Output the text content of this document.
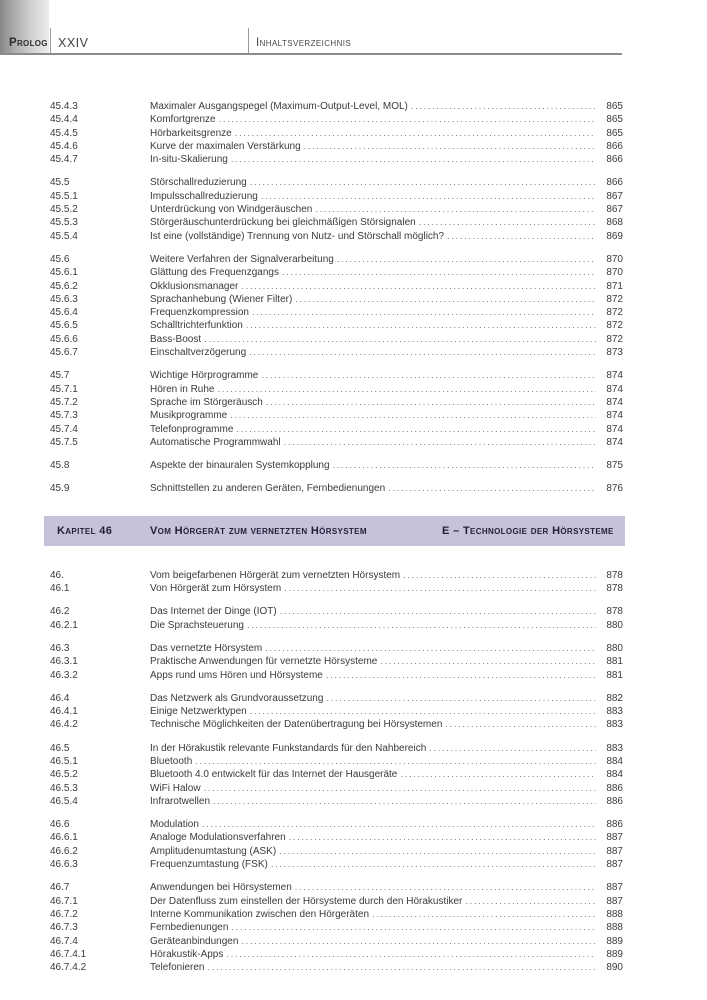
Prolog XXIV	Inhaltsverzeichnis
45.4.3	Maximaler Ausgangspegel (Maximum-Output-Level, MOL) .....	865
45.4.4	Komfortgrenze .....	865
45.4.5	Hörbarkeitsgrenze .....	865
45.4.6	Kurve der maximalen Verstärkung .....	866
45.4.7	In-situ-Skalierung .....	866
45.5	Störschallreduzierung .....	866
45.5.1	Impulsschallreduzierung .....	867
45.5.2	Unterdrückung von Windgeräuschen .....	867
45.5.3	Störgeräuschunterdrückung bei gleichmäßigen Störsignalen .....	868
45.5.4	Ist eine (vollständige) Trennung von Nutz- und Störschall möglich? .....	869
45.6	Weitere Verfahren der Signalverarbeitung .....	870
45.6.1	Glättung des Frequenzgangs .....	870
45.6.2	Okklusionsmanager .....	871
45.6.3	Sprachanhebung (Wiener Filter) .....	872
45.6.4	Frequenzkompression .....	872
45.6.5	Schalltrichterfunktion .....	872
45.6.6	Bass-Boost .....	872
45.6.7	Einschaltverzögerung .....	873
45.7	Wichtige Hörprogramme .....	874
45.7.1	Hören in Ruhe .....	874
45.7.2	Sprache im Störgeräusch .....	874
45.7.3	Musikprogramme .....	874
45.7.4	Telefonprogramme .....	874
45.7.5	Automatische Programmwahl .....	874
45.8	Aspekte der binauralen Systemkopplung .....	875
45.9	Schnittstellen zu anderen Geräten, Fernbedienungen .....	876
Kapitel 46	Vom Hörgerät zum vernetzten Hörsystem	E – Technologie der Hörsysteme
46.	Vom beigefarbenen Hörgerät zum vernetzten Hörsystem .....	878
46.1	Von Hörgerät zum Hörsystem .....	878
46.2	Das Internet der Dinge (IOT) .....	878
46.2.1	Die Sprachsteuerung .....	880
46.3	Das vernetzte Hörsystem .....	880
46.3.1	Praktische Anwendungen für vernetzte Hörsysteme .....	881
46.3.2	Apps rund ums Hören und Hörsysteme .....	881
46.4	Das Netzwerk als Grundvoraussetzung .....	882
46.4.1	Einige Netzwerktypen .....	883
46.4.2	Technische Möglichkeiten der Datenübertragung bei Hörsystemen .....	883
46.5	In der Hörakustik relevante Funkstandards für den Nahbereich .....	883
46.5.1	Bluetooth .....	884
46.5.2	Bluetooth 4.0 entwickelt für das Internet der Hausgeräte .....	884
46.5.3	WiFi Halow .....	886
46.5.4	Infrarotwellen .....	886
46.6	Modulation .....	886
46.6.1	Analoge Modulationsverfahren .....	887
46.6.2	Amplitudenumtastung (ASK) .....	887
46.6.3	Frequenzumtastung (FSK) .....	887
46.7	Anwendungen bei Hörsystemen .....	887
46.7.1	Der Datenfluss zum einstellen der Hörsysteme durch den Hörakustiker .....	887
46.7.2	Interne Kommunikation zwischen den Hörgeräten .....	888
46.7.3	Fernbedienungen .....	888
46.7.4	Geräteanbindungen .....	889
46.7.4.1	Hörakustik-Apps .....	889
46.7.4.2	Telefonieren .....	890
